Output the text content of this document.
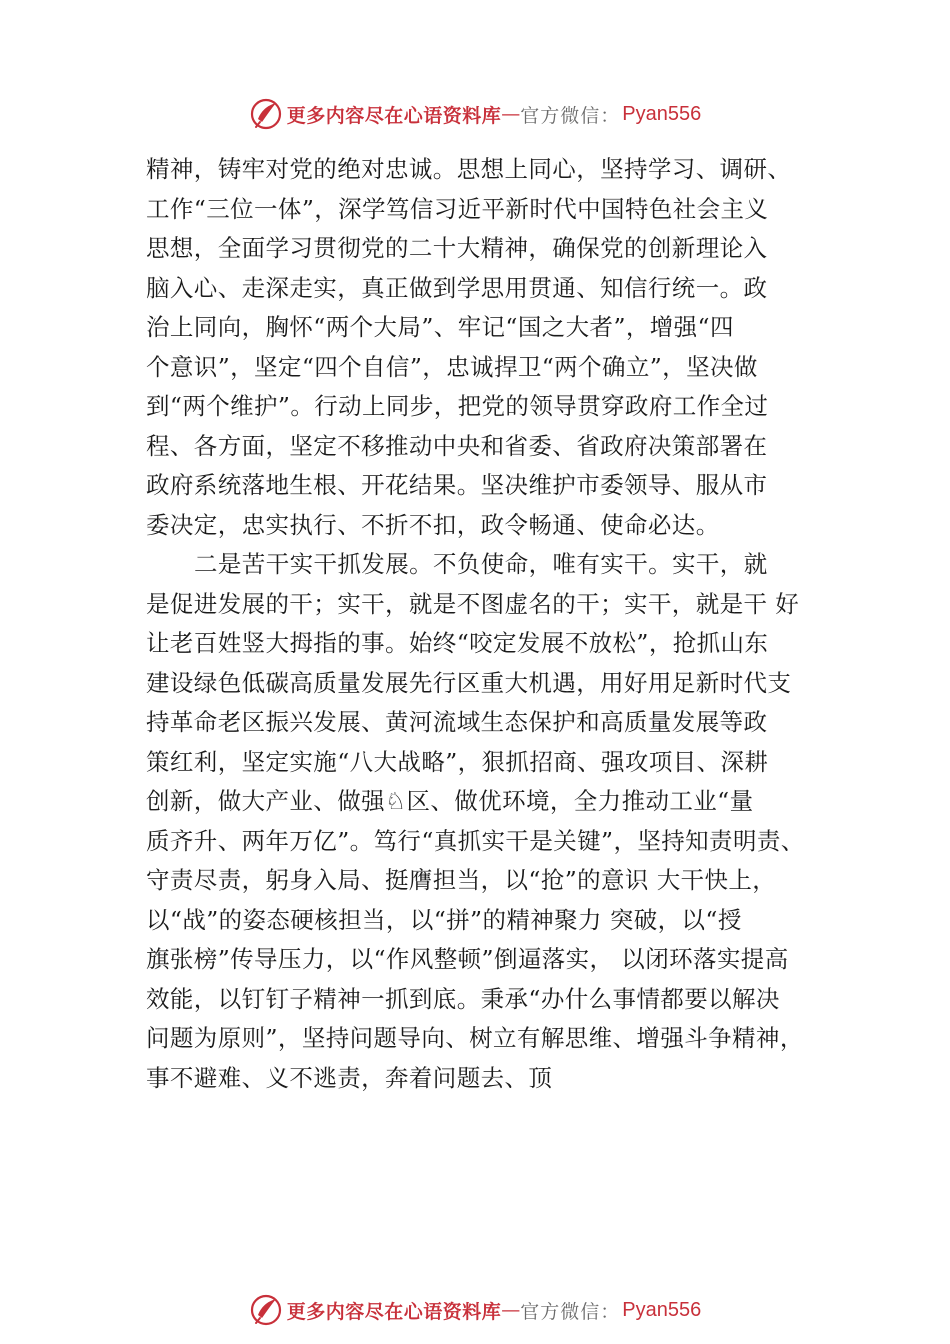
更多内容尽在心语资料库 — 官方微信： Pyan556
精神，铸牢对党的绝对忠诚。思想上同心，坚持学习、调研、
工作“三位一体”，深学笃信习近平新时代中国特色社会主义
思想，全面学习贯彻党的二十大精神，确保党的创新理论入
脑入心、走深走实，真正做到学思用贯通、知信行统一。政
治上同向，胸怀“两个大局”、牢记“国之大者”，增强“四
个意识”，坚定“四个自信”，忠诚捍卫“两个确立”，坚决做
到“两个维护”。行动上同步，把党的领导贯穿政府工作全过
程、各方面，坚定不移推动中央和省委、省政府决策部署在
政府系统落地生根、开花结果。坚决维护市委领导、服从市
委决定，忠实执行、不折不扣，政令畅通、使命必达。
二是苦干实干抓发展。不负使命，唯有实干。实干，就
是促进发展的干；实干，就是不图虚名的干；实干，就是干 好
让老百姓竖大拇指的事。始终“咬定发展不放松”，抢抓山东
建设绿色低碳高质量发展先行区重大机遇，用好用足新时代支
持革命老区振兴发展、黄河流域生态保护和高质量发展等政
策红利，坚定实施“八大战略”，狠抓招商、强攻项目、深耕
创新，做大产业、做强♘区、做优环境，全力推动工业“量
质齐升、两年万亿”。笃行“真抓实干是关键”，坚持知责明责、
守责尽责，躬身入局、挺膺担当，以“抢”的意识 大干快上，
以“战”的姿态硬核担当，以“拼”的精神聚力 突破，以“授
旗张榜”传导压力，以“作风整顿”倒逼落实， 以闭环落实提高
效能，以钉钉子精神一抓到底。秉承“办什么事情都要以解决
问题为原则”，坚持问题导向、树立有解思维、增强斗争精神，
事不避难、义不逃责，奔着问题去、顶
更多内容尽在心语资料库 — 官方微信： Pyan556
